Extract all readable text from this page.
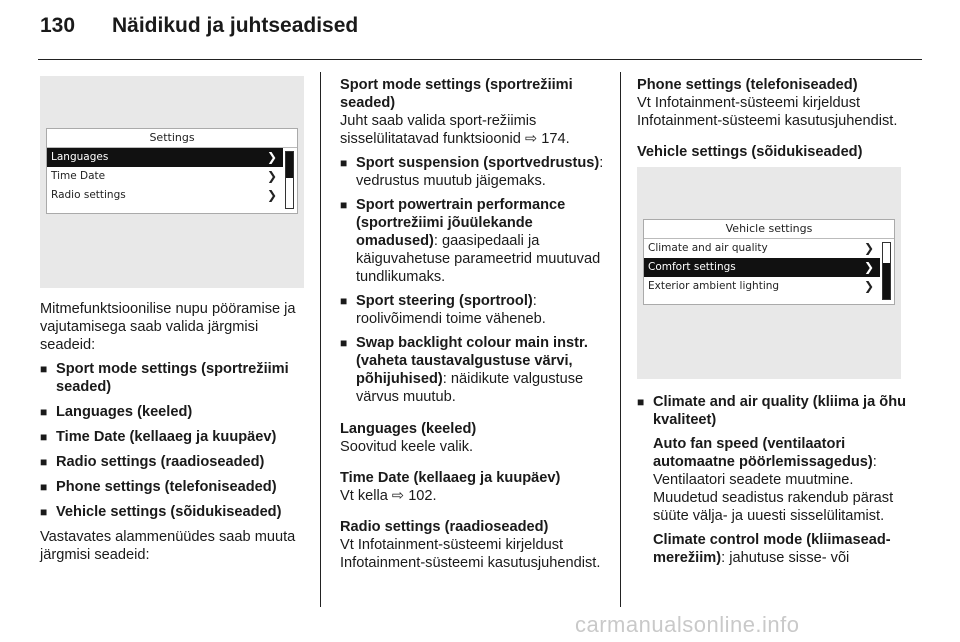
130	Näidikud ja juhtseadised
Settings
Languages	❯
Time Date	❯
Radio settings	❯

Mitmefunktsioonilise nupu pööramise ja vajutamisega saab valida järgmisi seadeid:

■ Sport mode settings (sportrežiimi seaded)
■ Languages (keeled)
■ Time Date (kellaaeg ja kuupäev)
■ Radio settings (raadioseaded)
■ Phone settings (telefoniseaded)
■ Vehicle settings (sõidukiseaded)

Vastavates alammenüüdes saab muuta järgmisi seadeid:

Sport mode settings (sportrežiimi seaded)

Juht saab valida sport-režiimis sisselülitatavad funktsioonid ⇨ 174.

■ Sport suspension (sportvedrustus): vedrustus muutub jäigemaks.
■ Sport powertrain performance (sportrežiimi jõuülekande omadused): gaasipedaali ja käiguvahetuse parameetrid muutuvad tundlikumaks.
■ Sport steering (sportrool): roolivõimendi toime väheneb.
■ Swap backlight colour main instr. (vaheta taustavalgustuse värvi, põhijuhised): näidikute valgustuse värvus muutub.

Languages (keeled)

Soovitud keele valik.

Time Date (kellaaeg ja kuupäev)

Vt kella ⇨ 102.

Radio settings (raadioseaded)

Vt Infotainment-süsteemi kirjeldust Infotainment-süsteemi kasutusjuhendist.

Phone settings (telefoniseaded)

Vt Infotainment-süsteemi kirjeldust Infotainment-süsteemi kasutusjuhendist.

Vehicle settings (sõidukiseaded)

Vehicle settings
Climate and air quality	❯
Comfort settings	❯
Exterior ambient lighting	❯
■ Climate and air quality (kliima ja õhu kvaliteet)

Auto fan speed (ventilaatori automaatne pöörlemissagedus): Ventilaatori seadete muutmine. Muudetud seadistus rakendub pärast süüte välja- ja uuesti sisselülitamist.

Climate control mode (kliimasead-merežiim): jahutuse sisse- või

carmanualsonline.info
